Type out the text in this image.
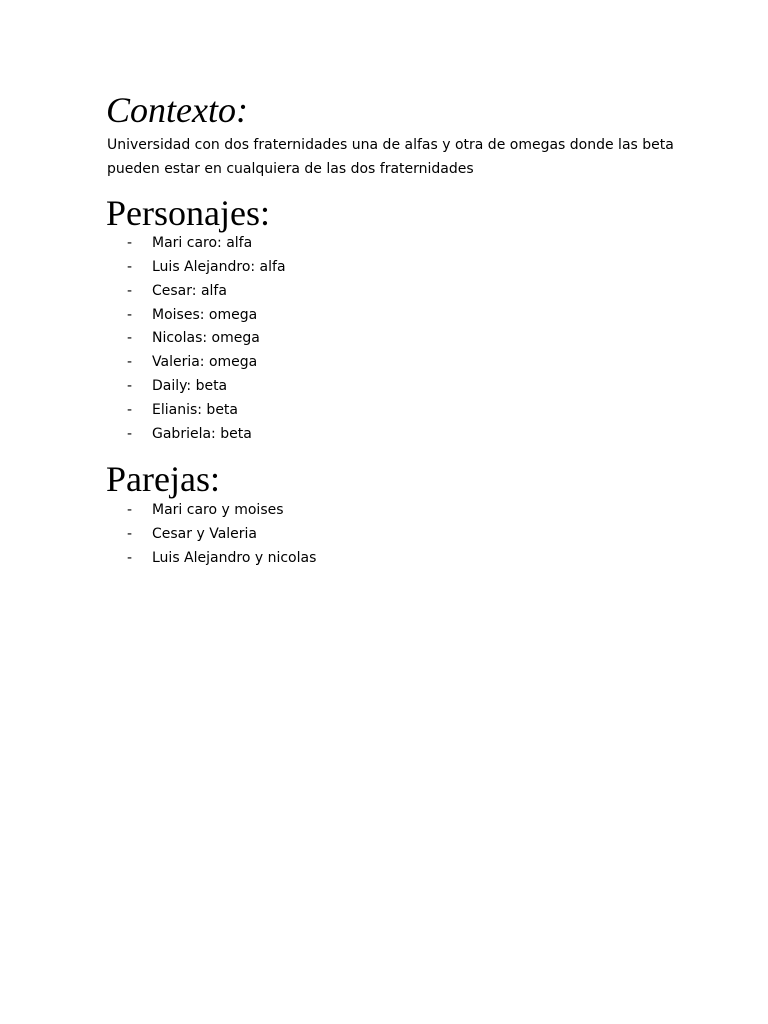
Contexto:

Universidad con dos fraternidades una de alfas y otra de omegas donde las beta pueden estar en cualquiera de las dos fraternidades

Personajes:
- Mari caro: alfa
- Luis Alejandro: alfa
- Cesar: alfa
- Moises: omega
- Nicolas: omega
- Valeria: omega
- Daily: beta
- Elianis: beta
- Gabriela: beta
Parejas:
- Mari caro y moises
- Cesar y Valeria
- Luis Alejandro y nicolas
